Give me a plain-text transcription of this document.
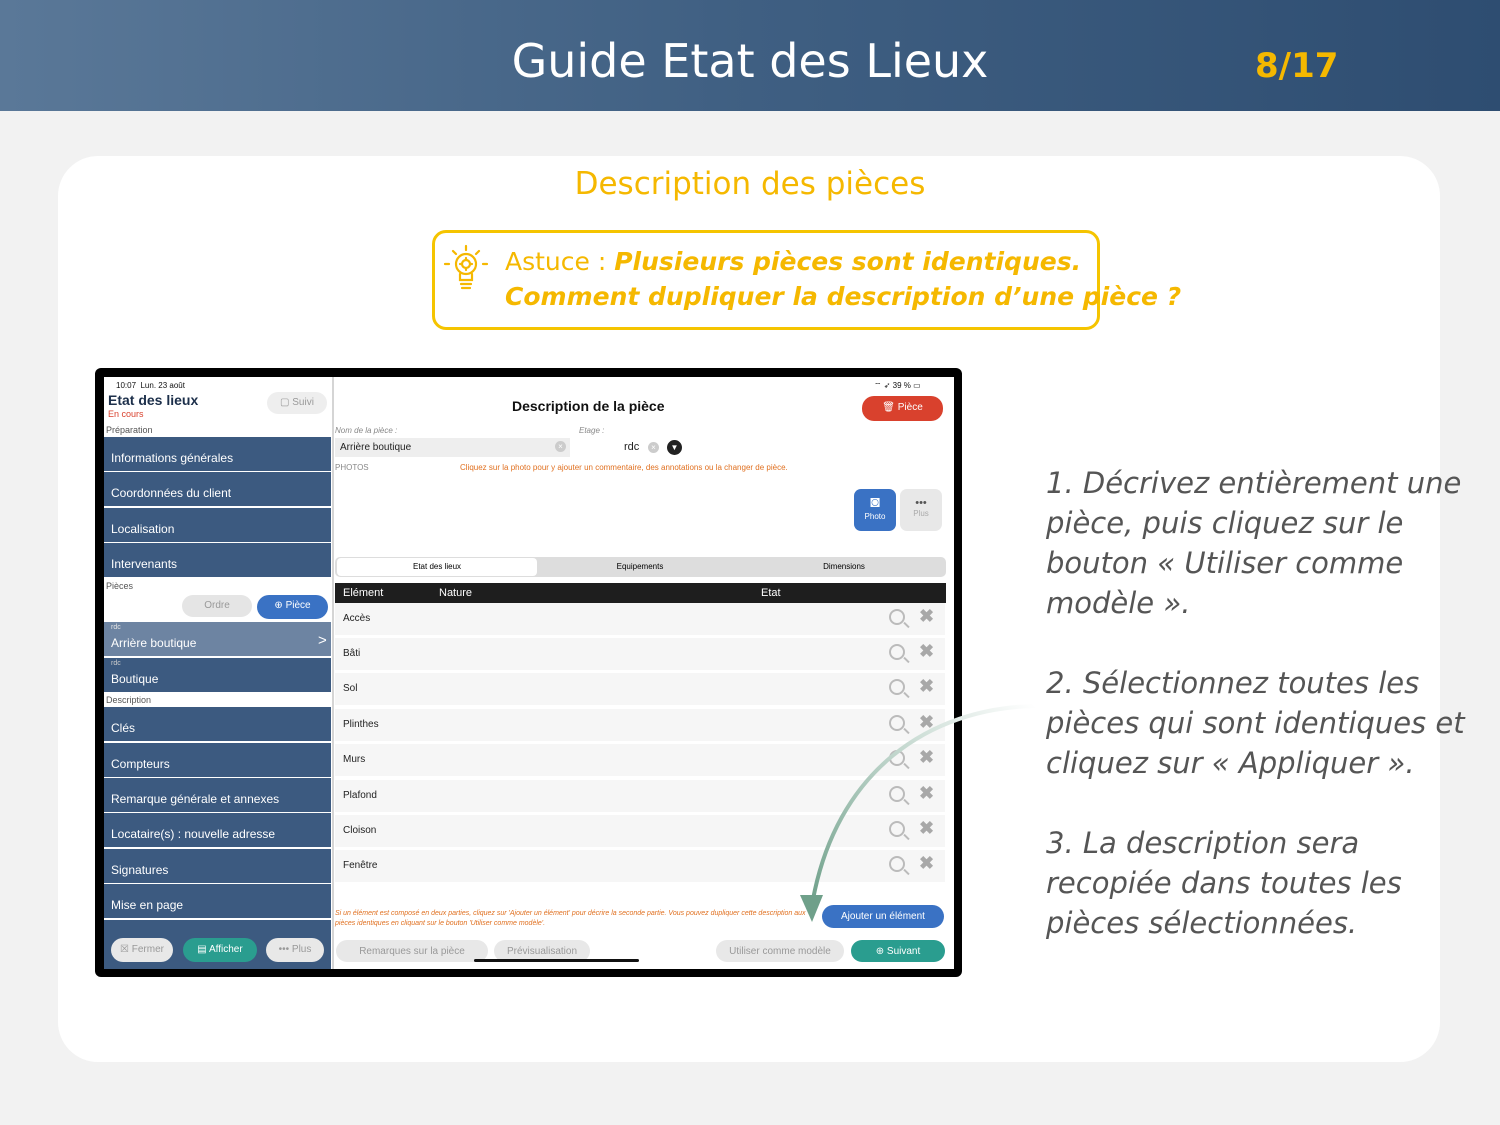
Guide Etat des Lieux	8/17
Description des pièces
Astuce : Plusieurs pièces sont identiques.
Comment dupliquer la description d’une pièce ?
1. Décrivez entièrement une pièce, puis cliquez sur le bouton « Utiliser comme modèle ».
2. Sélectionnez toutes les pièces qui sont identiques et cliquez sur « Appliquer ».
3. La description sera recopiée dans toutes les pièces sélectionnées.
10:07 Lun. 23 août	⌔ ➶ 39 % ▭
Etat des lieux
En cours
▢ Suivi
Préparation
Informations générales
Coordonnées du client
Localisation
Intervenants
Pièces
Ordre	⊕ Pièce
rdc
Arrière boutique	>
rdc
Boutique
Description
Clés
Compteurs
Remarque générale et annexes
Locataire(s) : nouvelle adresse
Signatures
Mise en page
☒ Fermer	▤ Afficher	••• Plus
Description de la pièce	🗑 Pièce
Nom de la pièce :
Arrière boutique	×
Etage :
rdc	×	▼
PHOTOS	Cliquez sur la photo pour y ajouter un commentaire, des annotations ou la changer de pièce.
◙
Photo
•••
Plus
Etat des lieux	Equipements	Dimensions
Elément	Nature	Etat
Accès	✖
Bâti	✖
Sol	✖
Plinthes	✖
Murs	✖
Plafond	✖
Cloison	✖
Fenêtre	✖
Si un élément est composé en deux parties, cliquez sur 'Ajouter un élément' pour décrire la seconde partie. Vous pouvez dupliquer cette description aux pièces identiques en cliquant sur le bouton 'Utiliser comme modèle'.
Ajouter un élément
Remarques sur la pièce	Prévisualisation	Utiliser comme modèle	⊕ Suivant
